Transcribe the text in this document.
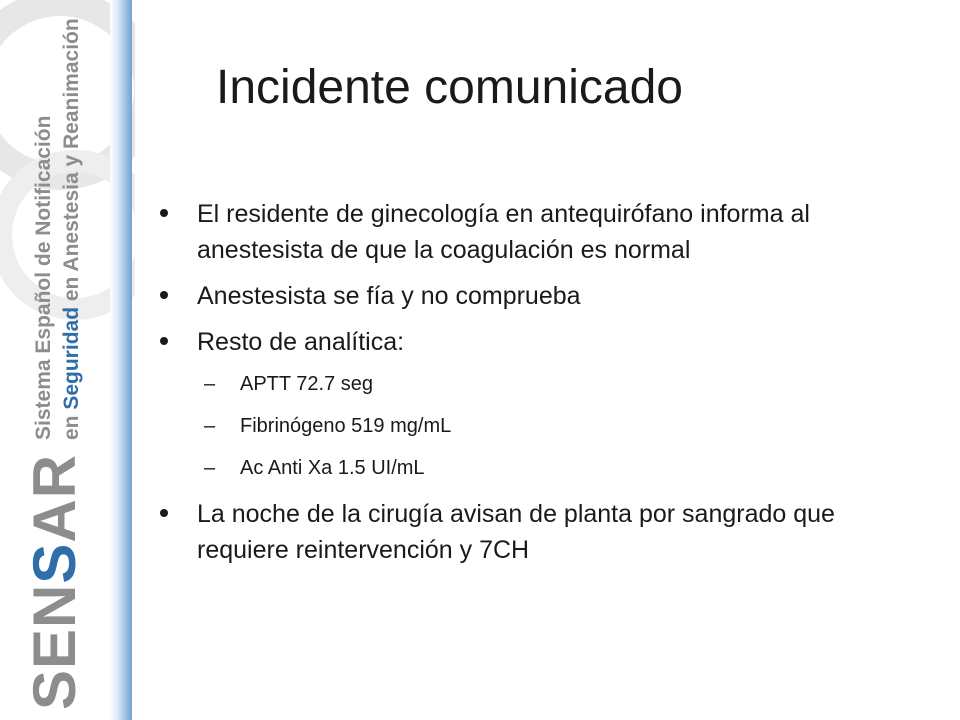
SENSAR
Sistema Español de Notificación en Seguridad en Anestesia y Reanimación	Incidente comunicado
El residente de ginecología en antequirófano informa al anestesista de que la coagulación es normal
Anestesista se fía y no comprueba
Resto de analítica:
– APTT 72.7 seg
– Fibrinógeno 519 mg/mL
– Ac Anti Xa 1.5 UI/mL
La noche de la cirugía avisan de planta por sangrado que requiere reintervención y 7CH
